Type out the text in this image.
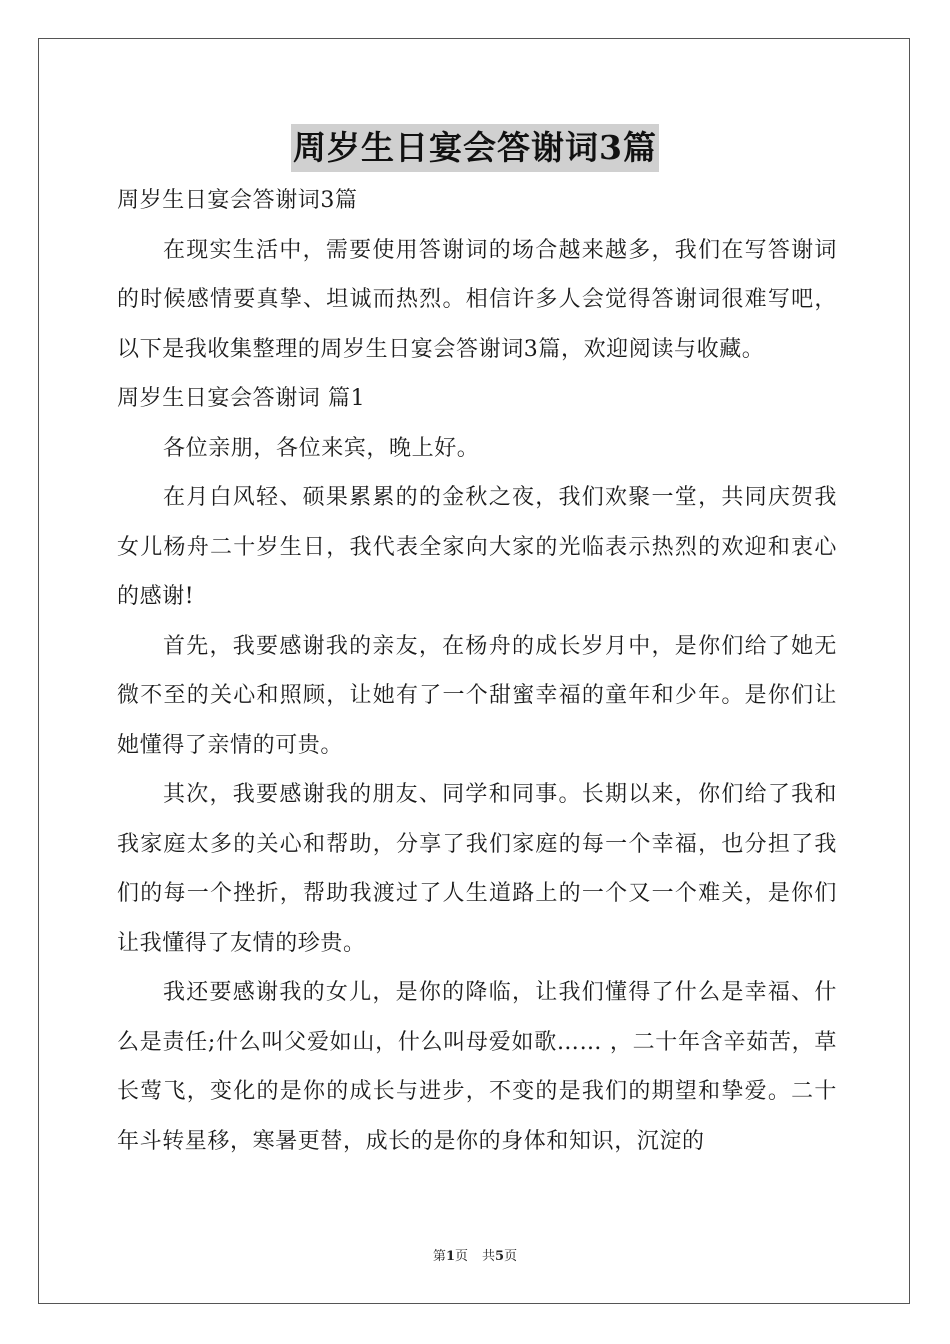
周岁生日宴会答谢词3篇

周岁生日宴会答谢词3篇

在现实生活中，需要使用答谢词的场合越来越多，我们在写答谢词的时候感情要真挚、坦诚而热烈。相信许多人会觉得答谢词很难写吧，以下是我收集整理的周岁生日宴会答谢词3篇，欢迎阅读与收藏。

周岁生日宴会答谢词 篇1

各位亲朋，各位来宾，晚上好。

在月白风轻、硕果累累的的金秋之夜，我们欢聚一堂，共同庆贺我女儿杨舟二十岁生日，我代表全家向大家的光临表示热烈的欢迎和衷心的感谢!

首先，我要感谢我的亲友，在杨舟的成长岁月中，是你们给了她无微不至的关心和照顾，让她有了一个甜蜜幸福的童年和少年。是你们让她懂得了亲情的可贵。

其次，我要感谢我的朋友、同学和同事。长期以来，你们给了我和我家庭太多的关心和帮助，分享了我们家庭的每一个幸福，也分担了我们的每一个挫折，帮助我渡过了人生道路上的一个又一个难关，是你们让我懂得了友情的珍贵。

我还要感谢我的女儿，是你的降临，让我们懂得了什么是幸福、什么是责任;什么叫父爱如山，什么叫母爱如歌…… ，二十年含辛茹苦，草长莺飞，变化的是你的成长与进步，不变的是我们的期望和挚爱。二十年斗转星移，寒暑更替，成长的是你的身体和知识，沉淀的

第1页 共5页
